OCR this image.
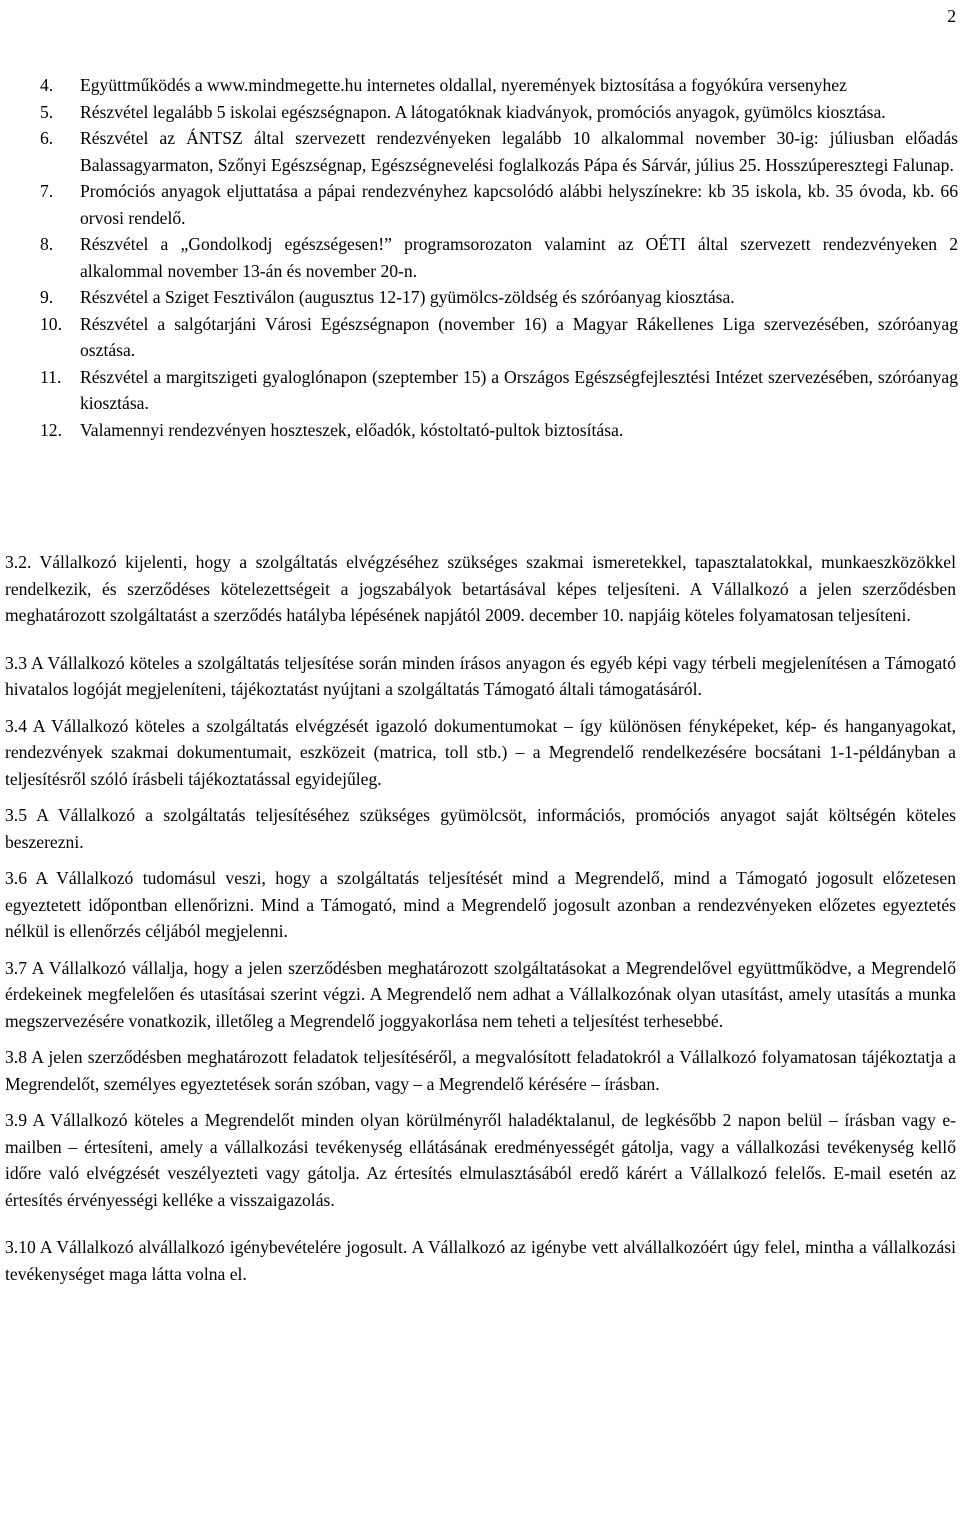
2
4.	Együttműködés a www.mindmegette.hu internetes oldallal, nyeremények biztosítása a fogyókúra versenyhez
5.	Részvétel legalább 5 iskolai egészségnapon. A látogatóknak kiadványok, promóciós anyagok, gyümölcs kiosztása.
6.	Részvétel az ÁNTSZ által szervezett rendezvényeken legalább 10 alkalommal november 30-ig: júliusban előadás Balassagyarmaton, Szőnyi Egészségnap, Egészségnevelési foglalkozás Pápa és Sárvár, július 25. Hosszúperesztegi Falunap.
7.	Promóciós anyagok eljuttatása a pápai rendezvényhez kapcsolódó alábbi helyszínekre: kb 35 iskola, kb. 35 óvoda, kb. 66 orvosi rendelő.
8.	Részvétel a „Gondolkodj egészségesen!” programsorozaton valamint az OÉTI által szervezett rendezvényeken 2 alkalommal november 13-án és november 20-n.
9.	Részvétel a Sziget Fesztiválon (augusztus 12-17) gyümölcs-zöldség és szóróanyag kiosztása.
10.	Részvétel a salgótarjáni Városi Egészségnapon (november 16) a Magyar Rákellenes Liga szervezésében, szóróanyag osztása.
11.	Részvétel a margitszigeti gyaloglónapon (szeptember 15) a Országos Egészségfejlesztési Intézet szervezésében, szóróanyag kiosztása.
12.	Valamennyi rendezvényen hoszteszek, előadók, kóstoltató-pultok biztosítása.

3.2. Vállalkozó kijelenti, hogy a szolgáltatás elvégzéséhez szükséges szakmai ismeretekkel, tapasztalatokkal, munkaeszközökkel rendelkezik, és szerződéses kötelezettségeit a jogszabályok betartásával képes teljesíteni. A Vállalkozó a jelen szerződésben meghatározott szolgáltatást a szerződés hatályba lépésének napjától 2009. december 10. napjáig köteles folyamatosan teljesíteni.

3.3 A Vállalkozó köteles a szolgáltatás teljesítése során minden írásos anyagon és egyéb képi vagy térbeli megjelenítésen a Támogató hivatalos logóját megjeleníteni, tájékoztatást nyújtani a szolgáltatás Támogató általi támogatásáról.

3.4 A Vállalkozó köteles a szolgáltatás elvégzését igazoló dokumentumokat – így különösen fényképeket, kép- és hanganyagokat, rendezvények szakmai dokumentumait, eszközeit (matrica, toll stb.) – a Megrendelő rendelkezésére bocsátani 1-1-példányban a teljesítésről szóló írásbeli tájékoztatással egyidejűleg.

3.5 A Vállalkozó a szolgáltatás teljesítéséhez szükséges gyümölcsöt, információs, promóciós anyagot saját költségén köteles beszerezni.

3.6 A Vállalkozó tudomásul veszi, hogy a szolgáltatás teljesítését mind a Megrendelő, mind a Támogató jogosult előzetesen egyeztetett időpontban ellenőrizni. Mind a Támogató, mind a Megrendelő jogosult azonban a rendezvényeken előzetes egyeztetés nélkül is ellenőrzés céljából megjelenni.

3.7 A Vállalkozó vállalja, hogy a jelen szerződésben meghatározott szolgáltatásokat a Megrendelővel együttműködve, a Megrendelő érdekeinek megfelelően és utasításai szerint végzi. A Megrendelő nem adhat a Vállalkozónak olyan utasítást, amely utasítás a munka megszervezésére vonatkozik, illetőleg a Megrendelő joggyakorlása nem teheti a teljesítést terhesebbé.

3.8 A jelen szerződésben meghatározott feladatok teljesítéséről, a megvalósított feladatokról a Vállalkozó folyamatosan tájékoztatja a Megrendelőt, személyes egyeztetések során szóban, vagy – a Megrendelő kérésére – írásban.

3.9 A Vállalkozó köteles a Megrendelőt minden olyan körülményről haladéktalanul, de legkésőbb 2 napon belül – írásban vagy e-mailben – értesíteni, amely a vállalkozási tevékenység ellátásának eredményességét gátolja, vagy a vállalkozási tevékenység kellő időre való elvégzését veszélyezteti vagy gátolja. Az értesítés elmulasztásából eredő kárért a Vállalkozó felelős. E-mail esetén az értesítés érvényességi kelléke a visszaigazolás.

3.10 A Vállalkozó alvállalkozó igénybevételére jogosult. A Vállalkozó az igénybe vett alvállalkozóért úgy felel, mintha a vállalkozási tevékenységet maga látta volna el.
